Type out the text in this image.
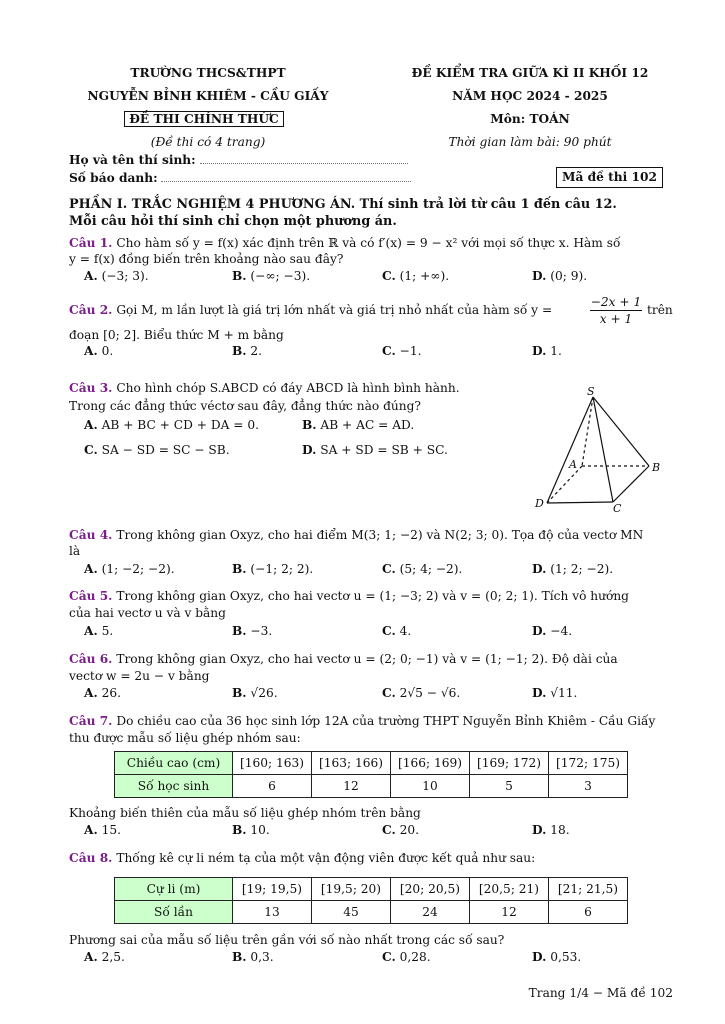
TRƯỜNG THCS&THPT
NGUYỄN BỈNH KHIÊM - CẦU GIẤY
ĐỀ THI CHÍNH THỨC
(Đề thi có 4 trang)
ĐỀ KIỂM TRA GIỮA KÌ II KHỐI 12
NĂM HỌC 2024 - 2025
Môn: TOÁN
Thời gian làm bài: 90 phút
Họ và tên thí sinh:
Số báo danh:	Mã đề thi 102
PHẦN I. TRẮC NGHIỆM 4 PHƯƠNG ÁN. Thí sinh trả lời từ câu 1 đến câu 12.
Mỗi câu hỏi thí sinh chỉ chọn một phương án.
Câu 1. Cho hàm số y = f(x) xác định trên ℝ và có f′(x) = 9 − x² với mọi số thực x. Hàm số
y = f(x) đồng biến trên khoảng nào sau đây?
A. (−3; 3).	B. (−∞; −3).	C. (1; +∞).	D. (0; 9).
Câu 2. Gọi M, m lần lượt là giá trị lớn nhất và giá trị nhỏ nhất của hàm số y =
−2x + 1
x + 1
trên
đoạn [0; 2]. Biểu thức M + m bằng
A. 0.	B. 2.	C. −1.	D. 1.
Câu 3. Cho hình chóp S.ABCD có đáy ABCD là hình bình hành.
Trong các đẳng thức véctơ sau đây, đẳng thức nào đúng?
A. AB + BC + CD + DA = 0.	B. AB + AC = AD.
C. SA − SD = SC − SB.	D. SA + SD = SB + SC.
S
A	B
C
D
Câu 4. Trong không gian Oxyz, cho hai điểm M(3; 1; −2) và N(2; 3; 0). Tọa độ của vectơ MN
là
A. (1; −2; −2).	B. (−1; 2; 2).	C. (5; 4; −2).	D. (1; 2; −2).
Câu 5. Trong không gian Oxyz, cho hai vectơ u = (1; −3; 2) và v = (0; 2; 1). Tích vô hướng
của hai vectơ u và v bằng
A. 5.	B. −3.	C. 4.	D. −4.
Câu 6. Trong không gian Oxyz, cho hai vectơ u = (2; 0; −1) và v = (1; −1; 2). Độ dài của
vectơ w = 2u − v bằng
A. 26.	B. √26.	C. 2√5 − √6.	D. √11.
Câu 7. Do chiều cao của 36 học sinh lớp 12A của trường THPT Nguyễn Bỉnh Khiêm - Cầu Giấy
thu được mẫu số liệu ghép nhóm sau:
Chiều cao (cm)	[160; 163)	[163; 166)	[166; 169)	[169; 172)	[172; 175)
Số học sinh	6	12	10	5	3
Khoảng biến thiên của mẫu số liệu ghép nhóm trên bằng
A. 15.	B. 10.	C. 20.	D. 18.
Câu 8. Thống kê cự li ném tạ của một vận động viên được kết quả như sau:
Cự li (m)	[19; 19,5)	[19,5; 20)	[20; 20,5)	[20,5; 21)	[21; 21,5)
Số lần	13	45	24	12	6
Phương sai của mẫu số liệu trên gần với số nào nhất trong các số sau?
A. 2,5.	B. 0,3.	C. 0,28.	D. 0,53.
Trang 1/4 − Mã đề 102
